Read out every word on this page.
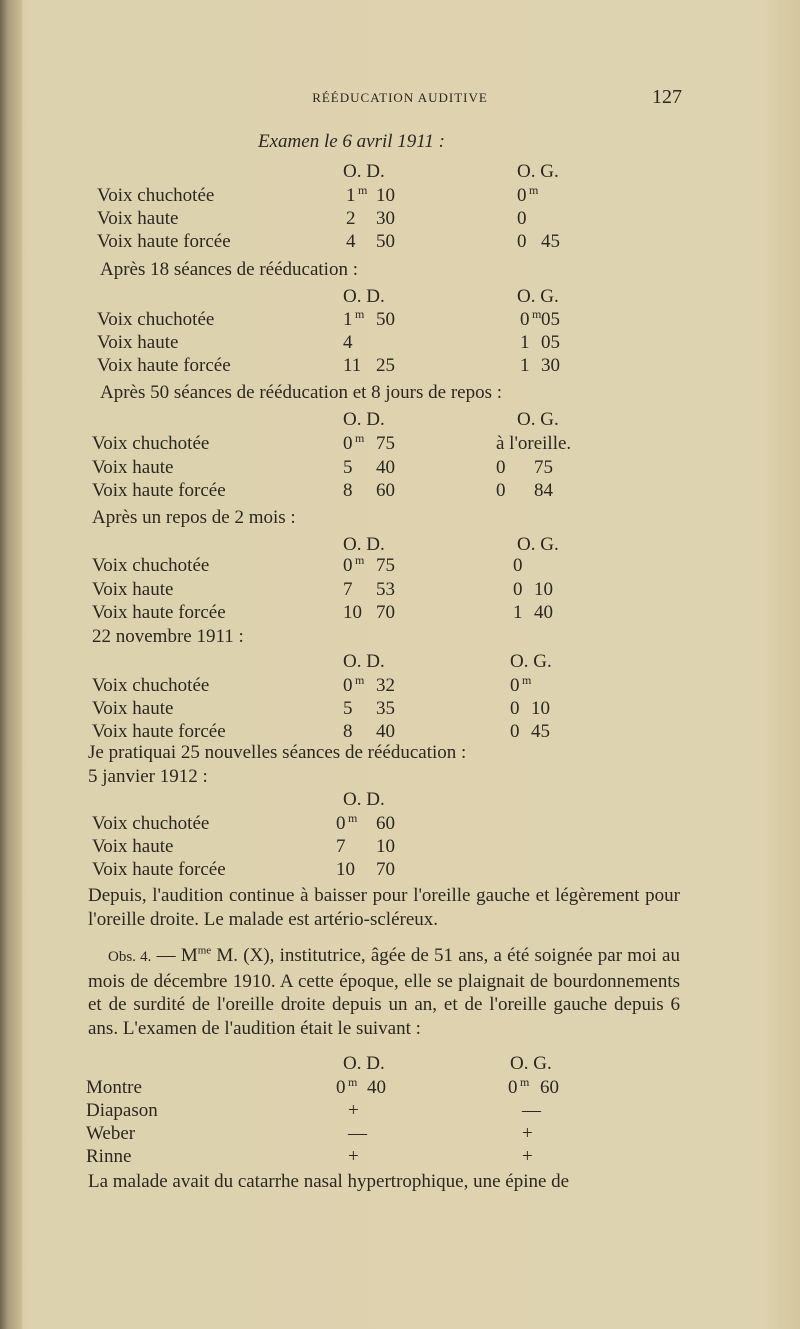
RÉÉDUCATION AUDITIVE	127
Examen le 6 avril 1911 :
O. D.	O. G.
Voix chuchotée	1 m 10	0 m
Voix haute	2 30	0
Voix haute forcée	4 50	0 45
Après 18 séances de rééducation :
O. D.	O. G.
Voix chuchotée	1 m 50	0 m 05
Voix haute	4	1 05
Voix haute forcée	11 25	1 30
Après 50 séances de rééducation et 8 jours de repos :
O. D.	O. G.
Voix chuchotée	0 m 75	à l'oreille.
Voix haute	5 40	0 75
Voix haute forcée	8 60	0 84
Après un repos de 2 mois :
O. D.	O. G.
Voix chuchotée	0 m 75	0
Voix haute	7 53	0 10
Voix haute forcée	10 70	1 40
22 novembre 1911 :
O. D.	O. G.
Voix chuchotée	0 m 32	0 m
Voix haute	5 35	0 10
Voix haute forcée	8 40	0 45
Je pratiquai 25 nouvelles séances de rééducation :
5 janvier 1912 :
O. D.
Voix chuchotée	0 m 60
Voix haute	7 10
Voix haute forcée	10 70

Depuis, l'audition continue à baisser pour l'oreille gauche et légèrement pour l'oreille droite. Le malade est artério-scléreux.

Obs. 4. — $M^{me}$ M. (X), institutrice, âgée de 51 ans, a été soignée par moi au mois de décembre 1910. A cette époque, elle se plaignait de bourdonnements et de surdité de l'oreille droite depuis un an, et de l'oreille gauche depuis 6 ans. L'examen de l'audition était le suivant :

O. D.	O. G.
Montre	0 m 40	0 m 60
Diapason	+	—
Weber	—	+
Rinne	+	+
La malade avait du catarrhe nasal hypertrophique, une épine de
